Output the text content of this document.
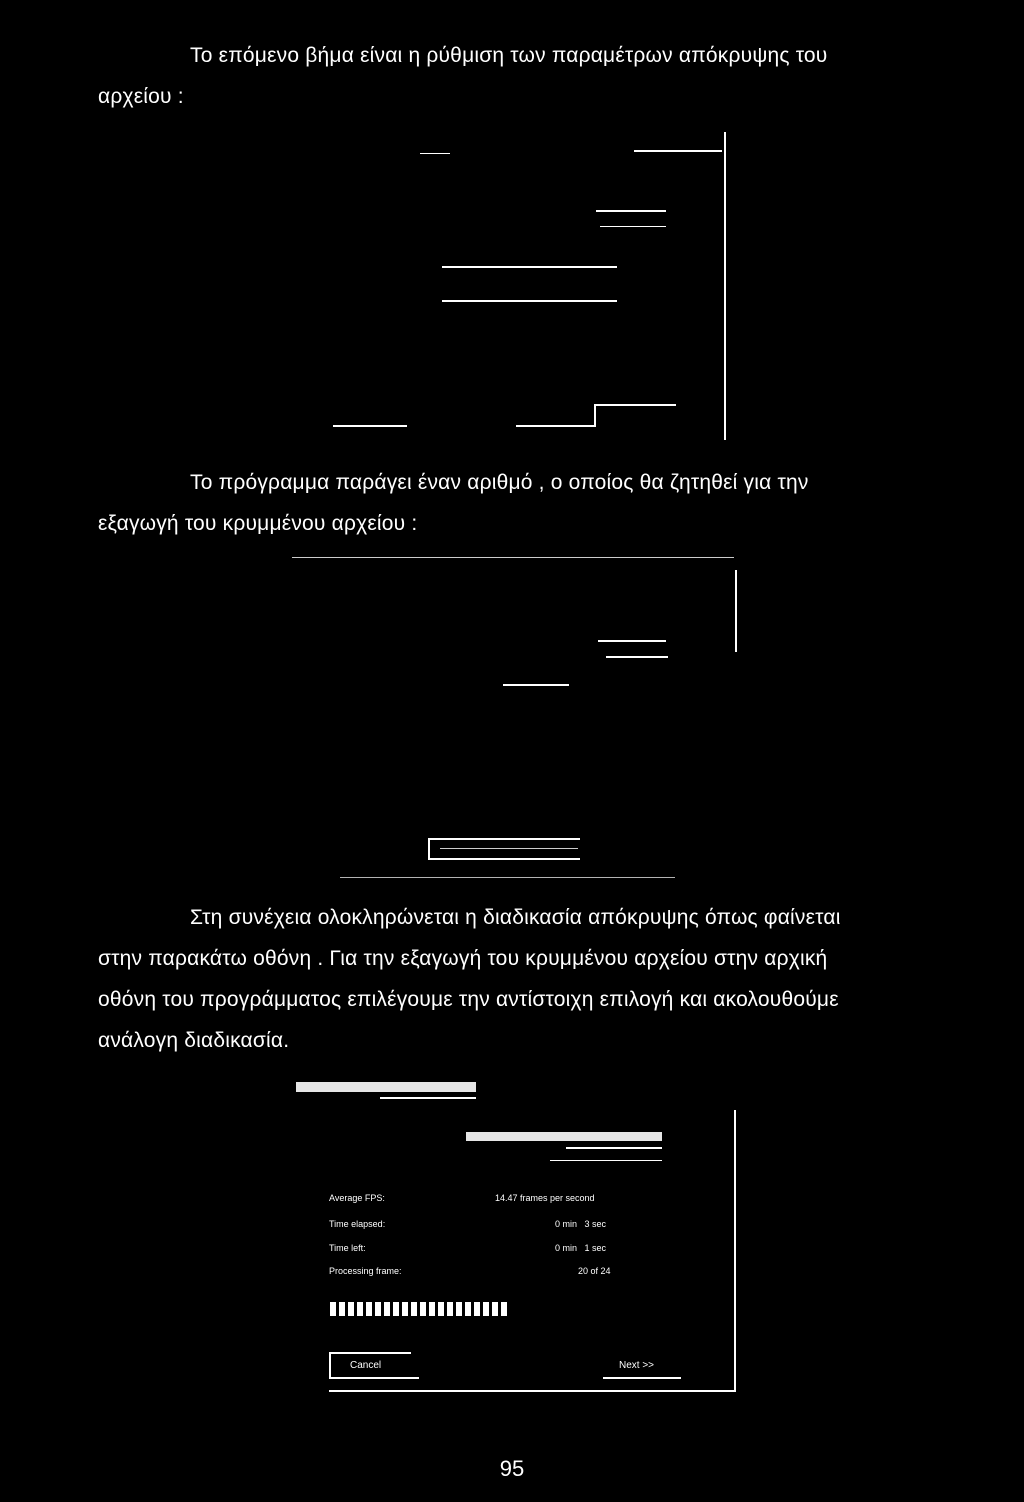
Το επόμενο βήμα είναι η ρύθμιση των παραμέτρων απόκρυψης του
αρχείου :
Το πρόγραμμα παράγει έναν αριθμό , ο οποίος θα ζητηθεί για την
εξαγωγή του κρυμμένου αρχείου :
Στη συνέχεια ολοκληρώνεται η διαδικασία απόκρυψης όπως φαίνεται
στην παρακάτω οθόνη . Για την εξαγωγή του κρυμμένου αρχείου στην αρχική
οθόνη του προγράμματος επιλέγουμε την αντίστοιχη επιλογή και ακολουθούμε
ανάλογη διαδικασία.
Average FPS:	14.47 frames per second
Time elapsed:	0 min   3 sec
Time left:	0 min   1 sec
Processing frame:	20 of 24
Cancel	Next >>
95
